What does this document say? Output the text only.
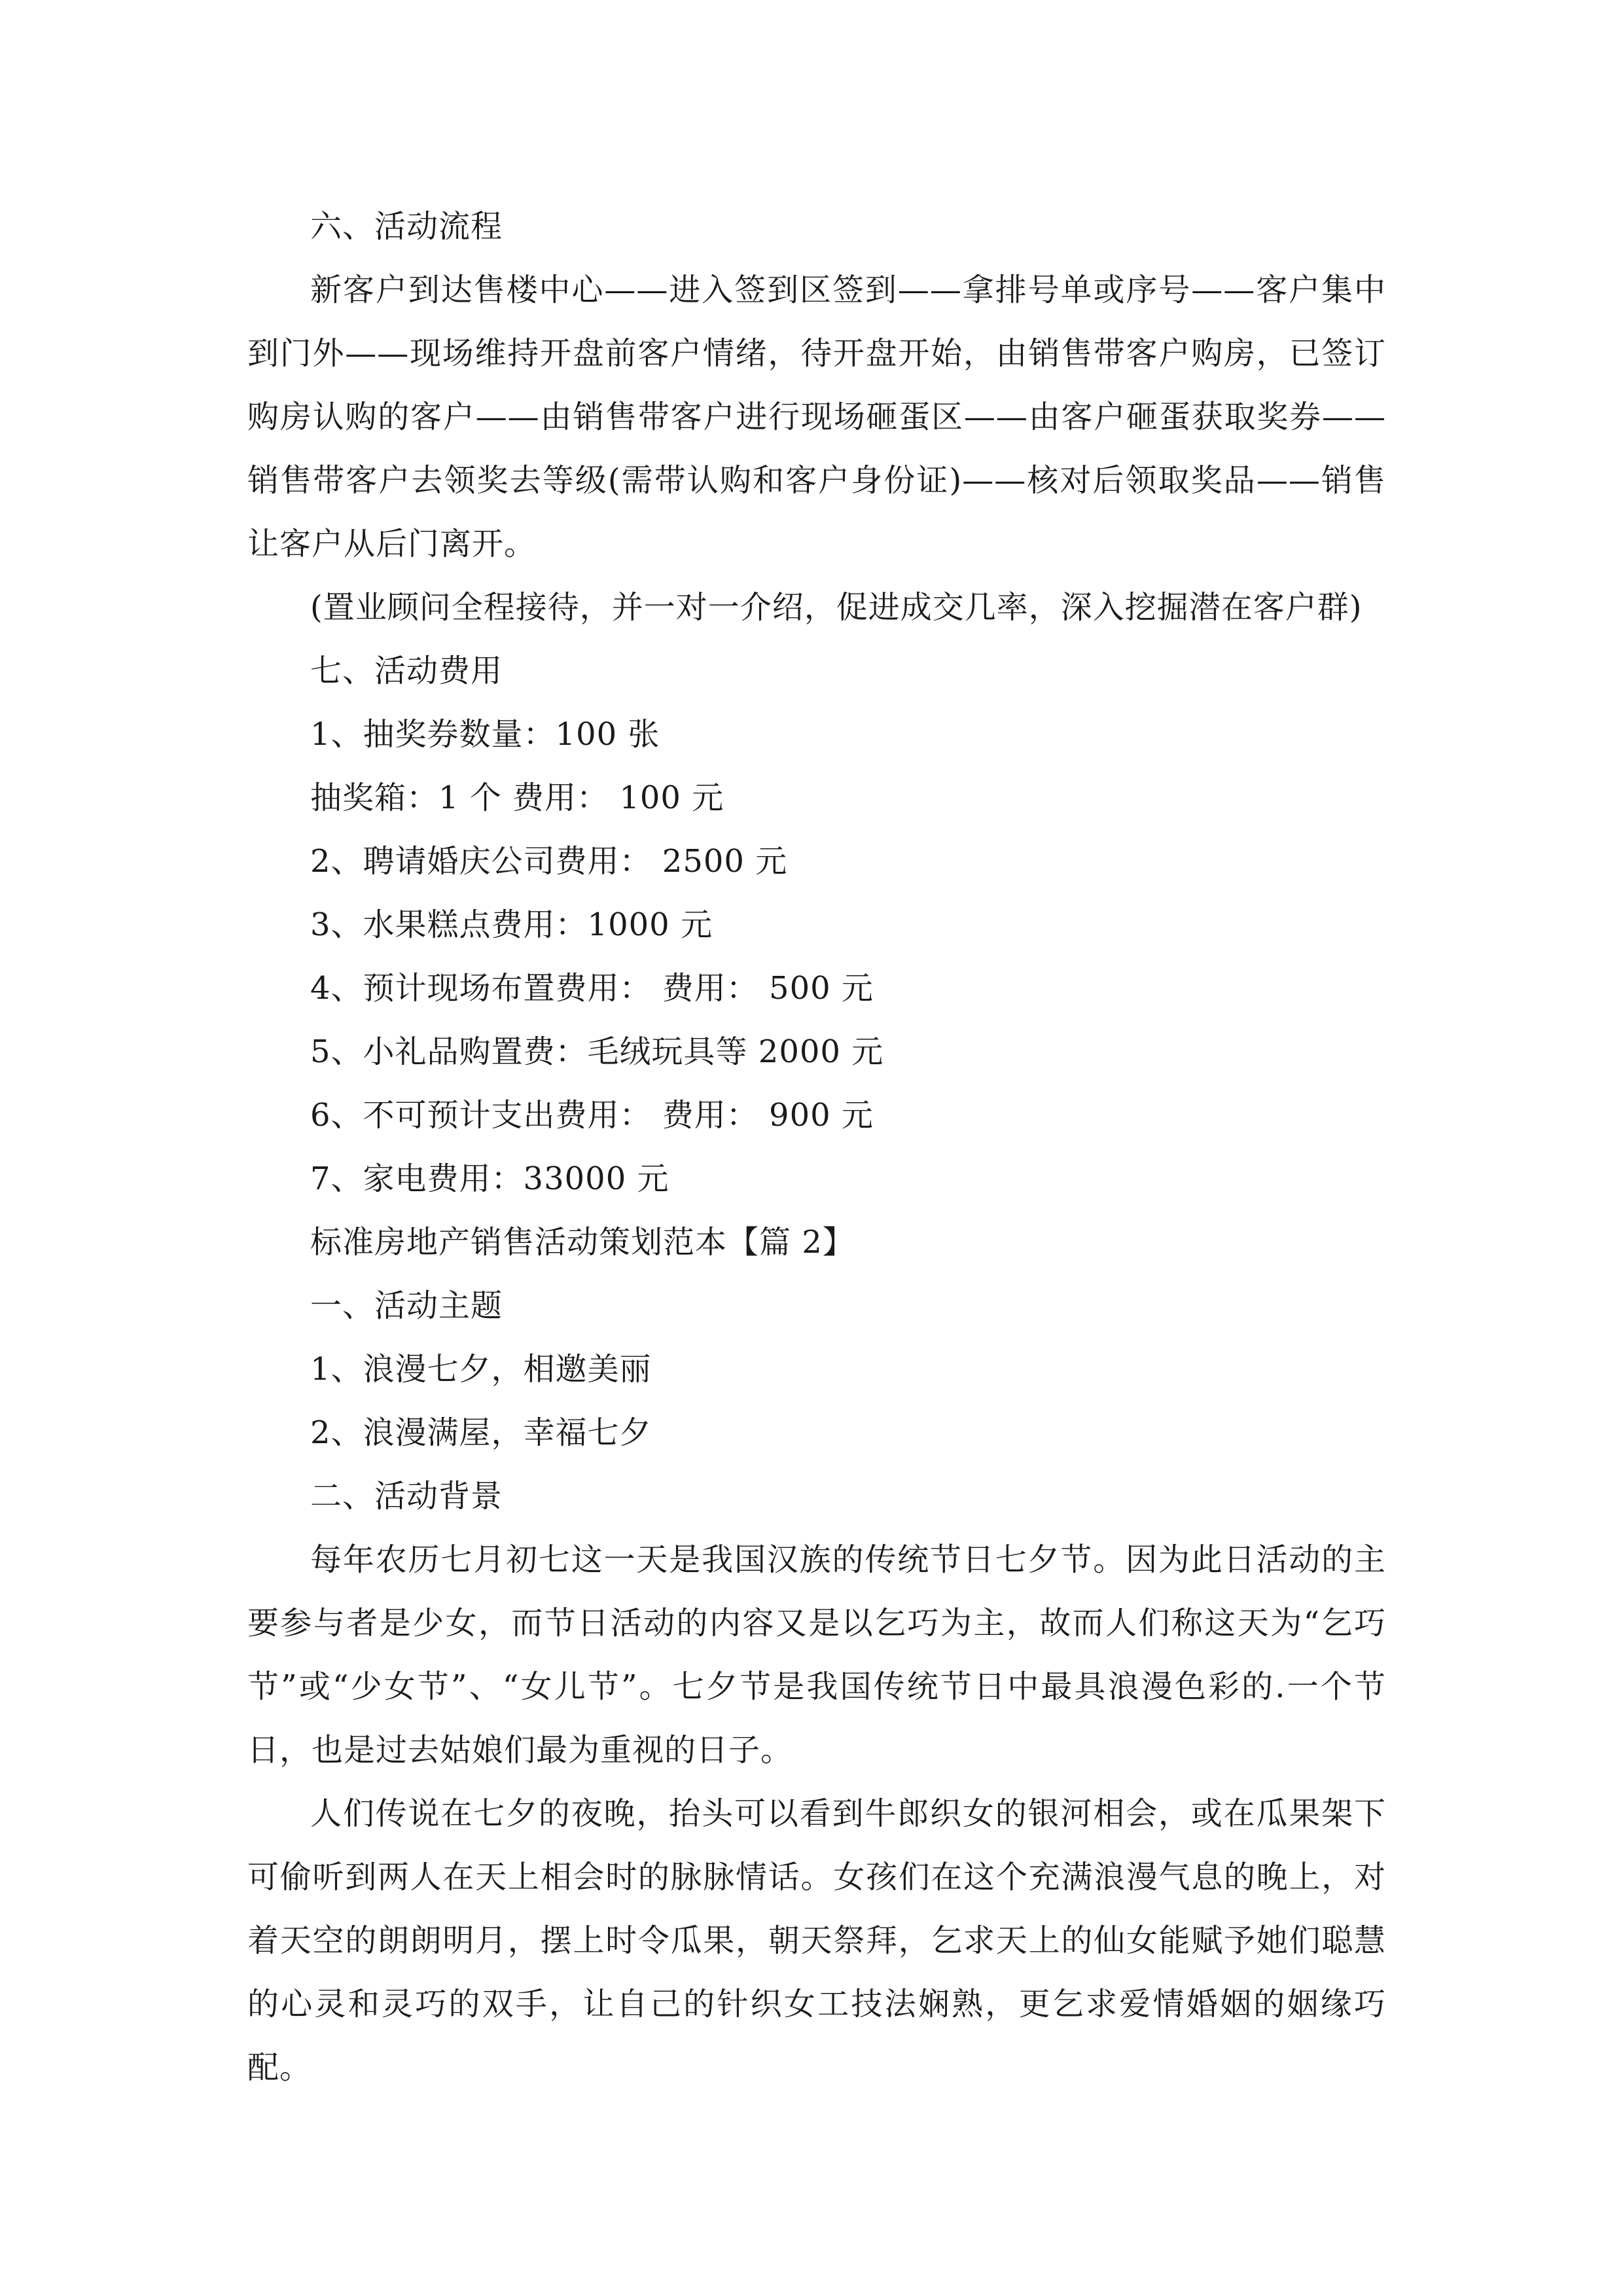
六、活动流程

新客户到达售楼中心——进入签到区签到——拿排号单或序号——客户集中到门外——现场维持开盘前客户情绪，待开盘开始，由销售带客户购房，已签订购房认购的客户——由销售带客户进行现场砸蛋区——由客户砸蛋获取奖券——销售带客户去领奖去等级(需带认购和客户身份证)——核对后领取奖品——销售让客户从后门离开。

(置业顾问全程接待，并一对一介绍，促进成交几率，深入挖掘潜在客户群)

七、活动费用

1、抽奖券数量：100 张

抽奖箱：1 个 费用： 100 元

2、聘请婚庆公司费用： 2500 元

3、水果糕点费用：1000 元

4、预计现场布置费用： 费用： 500 元

5、小礼品购置费：毛绒玩具等 2000 元

6、不可预计支出费用： 费用： 900 元

7、家电费用：33000 元

标准房地产销售活动策划范本【篇 2】

一、活动主题

1、浪漫七夕，相邀美丽

2、浪漫满屋，幸福七夕

二、活动背景

每年农历七月初七这一天是我国汉族的传统节日七夕节。因为此日活动的主要参与者是少女，而节日活动的内容又是以乞巧为主，故而人们称这天为“乞巧节”或“少女节”、“女儿节”。七夕节是我国传统节日中最具浪漫色彩的.一个节日，也是过去姑娘们最为重视的日子。

人们传说在七夕的夜晚，抬头可以看到牛郎织女的银河相会，或在瓜果架下可偷听到两人在天上相会时的脉脉情话。女孩们在这个充满浪漫气息的晚上，对着天空的朗朗明月，摆上时令瓜果，朝天祭拜，乞求天上的仙女能赋予她们聪慧的心灵和灵巧的双手，让自己的针织女工技法娴熟，更乞求爱情婚姻的姻缘巧配。
